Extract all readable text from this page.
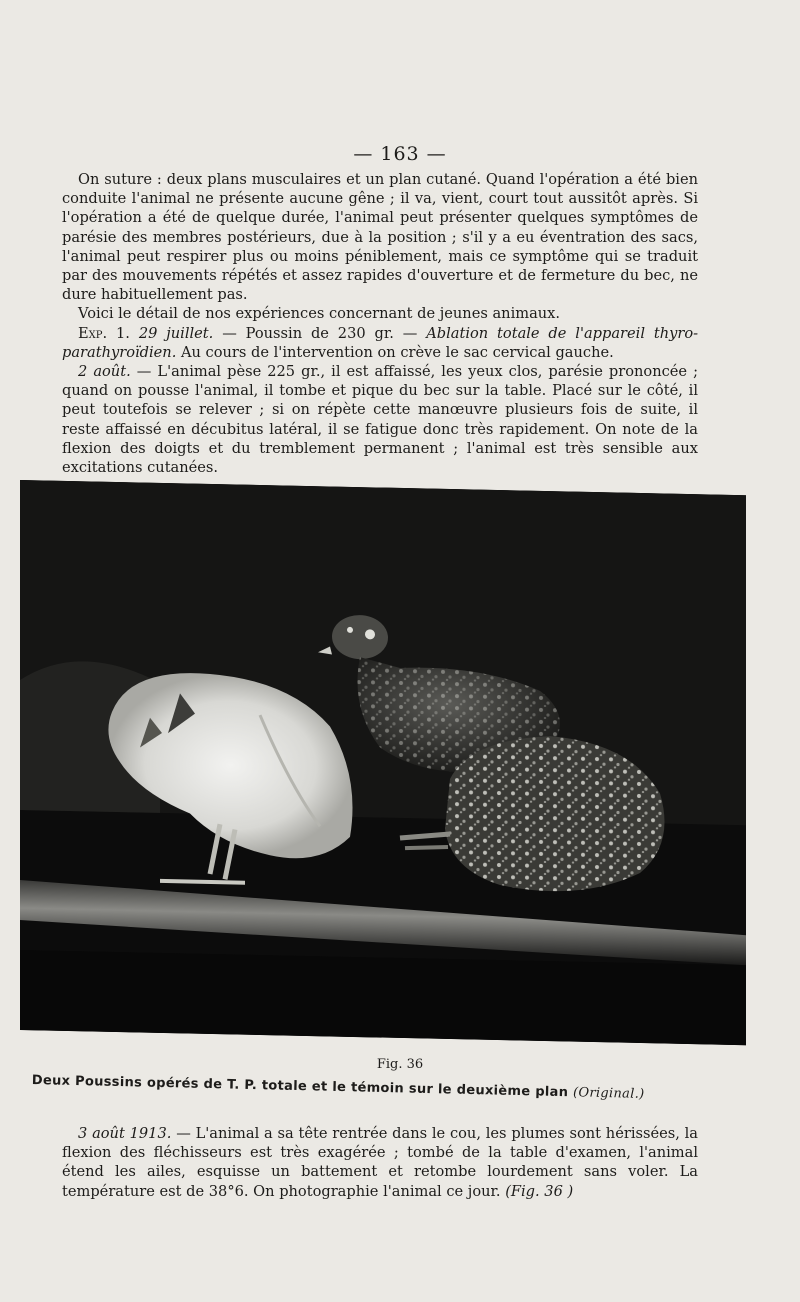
— 163 —

On suture : deux plans musculaires et un plan cutané. Quand l'opération a été bien conduite l'animal ne présente aucune gêne ; il va, vient, court tout aussitôt après. Si l'opération a été de quelque durée, l'animal peut présenter quelques symptômes de parésie des membres postérieurs, due à la position ; s'il y a eu éventration des sacs, l'animal peut respirer plus ou moins péniblement, mais ce symptôme qui se traduit par des mouvements répétés et assez rapides d'ouverture et de fermeture du bec, ne dure habituellement pas.

Voici le détail de nos expériences concernant de jeunes animaux.

Exp. 1. 29 juillet. — Poussin de 230 gr. — Ablation totale de l'appareil thyro-parathyroïdien. Au cours de l'intervention on crève le sac cervical gauche.

2 août. — L'animal pèse 225 gr., il est affaissé, les yeux clos, parésie prononcée ; quand on pousse l'animal, il tombe et pique du bec sur la table. Placé sur le côté, il peut toutefois se relever ; si on répète cette manœuvre plusieurs fois de suite, il reste affaissé en décubitus latéral, il se fatigue donc très rapidement. On note de la flexion des doigts et du tremblement permanent ; l'animal est très sensible aux excitations cutanées.

Fig. 36
Deux Poussins opérés de T. P. totale et le témoin sur le deuxième plan (Original.)

3 août 1913. — L'animal a sa tête rentrée dans le cou, les plumes sont hérissées, la flexion des fléchisseurs est très exagérée ; tombé de la table d'examen, l'animal étend les ailes, esquisse un battement et retombe lourdement sans voler. La température est de 38°6. On photographie l'animal ce jour. (Fig. 36 )
